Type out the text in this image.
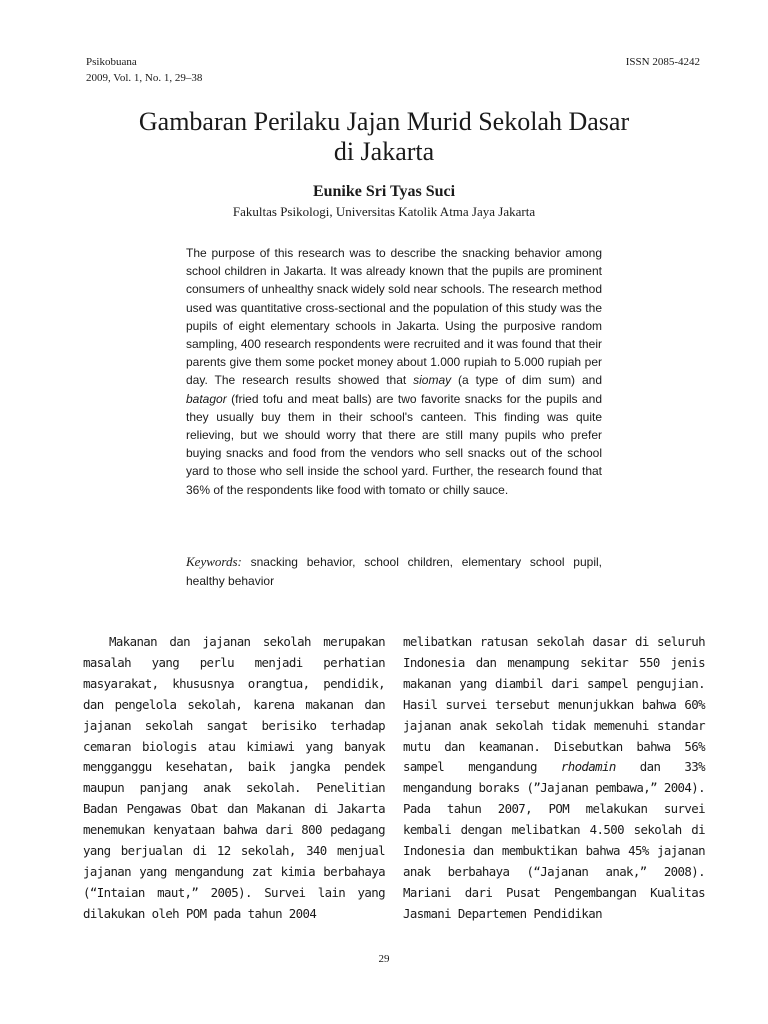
Psikobuana
2009, Vol. 1, No. 1, 29–38
ISSN 2085-4242
Gambaran Perilaku Jajan Murid Sekolah Dasar
di Jakarta
Eunike Sri Tyas Suci
Fakultas Psikologi, Universitas Katolik Atma Jaya Jakarta

The purpose of this research was to describe the snacking behavior among school children in Jakarta. It was already known that the pupils are prominent consumers of unhealthy snack widely sold near schools. The research method used was quantitative cross-sectional and the population of this study was the pupils of eight elementary schools in Jakarta. Using the purposive random sampling, 400 research respondents were recruited and it was found that their parents give them some pocket money about 1.000 rupiah to 5.000 rupiah per day. The research results showed that siomay (a type of dim sum) and batagor (fried tofu and meat balls) are two favorite snacks for the pupils and they usually buy them in their school's canteen. This finding was quite relieving, but we should worry that there are still many pupils who prefer buying snacks and food from the vendors who sell snacks out of the school yard to those who sell inside the school yard. Further, the research found that 36% of the respondents like food with tomato or chilly sauce.

Keywords: snacking behavior, school children, elementary school pupil, healthy behavior

Makanan dan jajanan sekolah merupakan masalah yang perlu menjadi perhatian masyarakat, khususnya orangtua, pendidik, dan pengelola sekolah, karena makanan dan jajanan sekolah sangat berisiko terhadap cemaran biologis atau kimiawi yang banyak mengganggu kesehatan, baik jangka pendek maupun panjang anak sekolah. Penelitian Badan Pengawas Obat dan Makanan di Jakarta menemukan kenyataan bahwa dari 800 pedagang yang berjualan di 12 sekolah, 340 menjual jajanan yang mengandung zat kimia berbahaya (“Intaian maut,” 2005). Survei lain yang dilakukan oleh POM pada tahun 2004

melibatkan ratusan sekolah dasar di seluruh Indonesia dan menampung sekitar 550 jenis makanan yang diambil dari sampel pengujian. Hasil survei tersebut menunjukkan bahwa 60% jajanan anak sekolah tidak memenuhi standar mutu dan keamanan. Disebutkan bahwa 56% sampel mengandung rhodamin dan 33% mengandung boraks (”Jajanan pembawa,” 2004). Pada tahun 2007, POM melakukan survei kembali dengan melibatkan 4.500 sekolah di Indonesia dan membuktikan bahwa 45% jajanan anak berbahaya (“Jajanan anak,” 2008). Mariani dari Pusat Pengembangan Kualitas Jasmani Departemen Pendidikan

29
